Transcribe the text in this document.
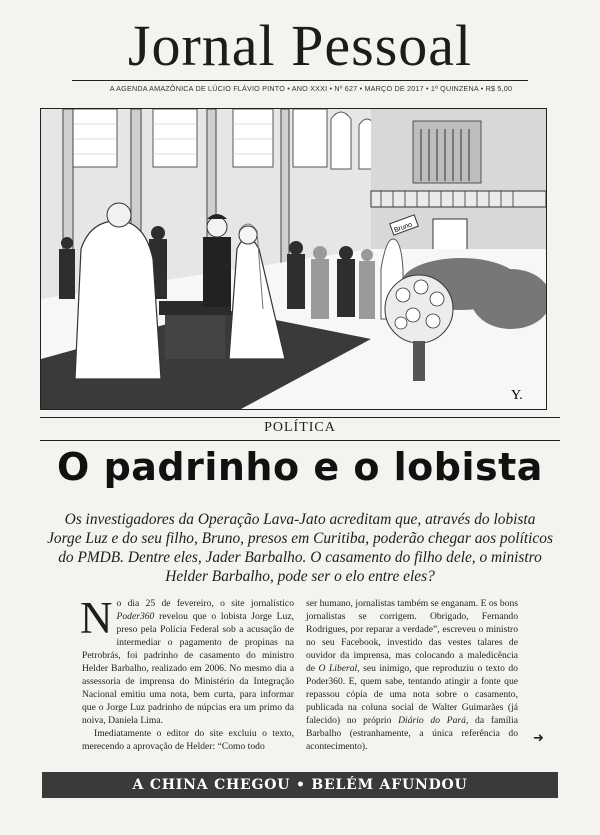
Jornal Pessoal
A AGENDA AMAZÔNICA DE LÚCIO FLÁVIO PINTO • ANO XXXI • Nº 627 • MARÇO DE 2017 • 1ª QUINZENA • R$ 5,00
Bruno
Y.
POLÍTICA
O padrinho e o lobista
Os investigadores da Operação Lava-Jato acreditam que, através do lobista Jorge Luz e do seu filho, Bruno, presos em Curitiba, poderão chegar aos políticos do PMDB. Dentre eles, Jader Barbalho. O casamento do filho dele, o ministro Helder Barbalho, pode ser o elo entre eles?

No dia 25 de fevereiro, o site jornalístico Poder360 revelou que o lobista Jorge Luz, preso pela Polícia Federal sob a acusação de intermediar o pagamento de propinas na Petrobrás, foi padrinho de casamento do ministro Helder Barbalho, realizado em 2006. No mesmo dia a assessoria de imprensa do Ministério da Integração Nacional emitiu uma nota, bem curta, para informar que o Jorge Luz padrinho de núpcias era um primo da noiva, Daniela Lima.

Imediatamente o editor do site excluiu o texto, merecendo a aprovação de Helder: “Como todo

ser humano, jornalistas também se enganam. E os bons jornalistas se corrigem. Obrigado, Fernando Rodrigues, por reparar a verdade”, escreveu o ministro no seu Facebook, investido das vestes talares de ouvidor da imprensa, mas colocando a maledicência de O Liberal, seu inimigo, que reproduziu o texto do Poder360. E, quem sabe, tentando atingir a fonte que repassou cópia de uma nota sobre o casamento, publicada na coluna social de Walter Guimarães (já falecido) no próprio Diário do Pará, da família Barbalho (estranhamente, a única referência do acontecimento).

➜
A CHINA CHEGOU • BELÉM AFUNDOU
